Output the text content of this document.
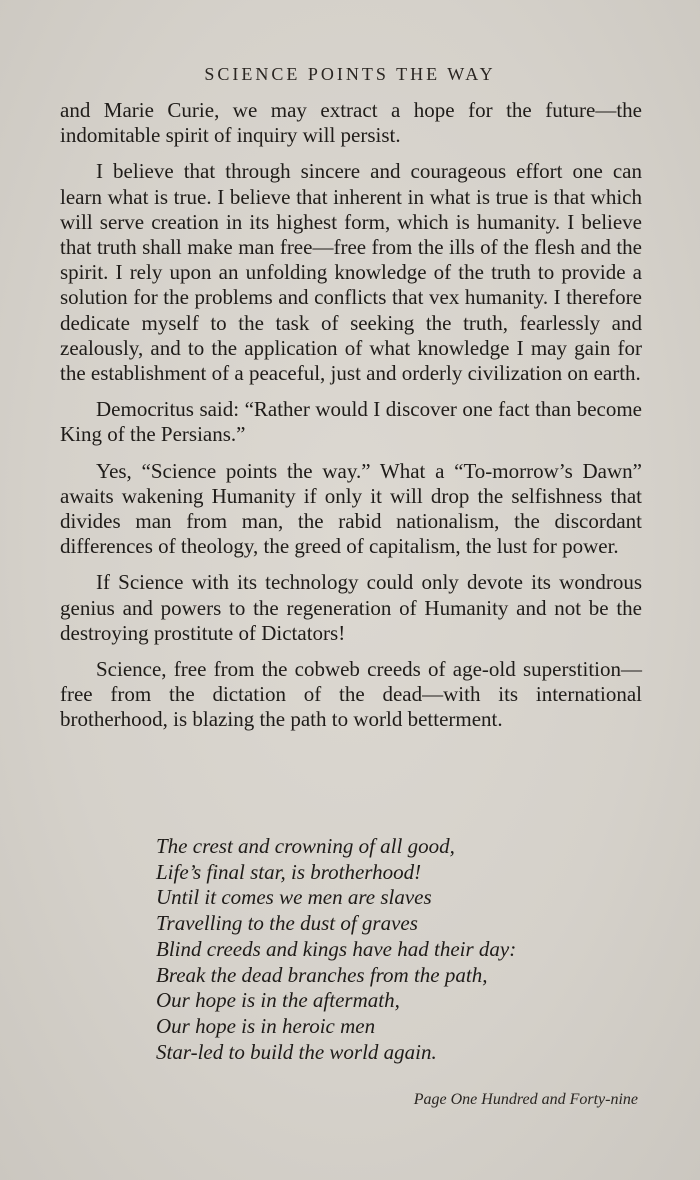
SCIENCE POINTS THE WAY

and Marie Curie, we may extract a hope for the future—the indomitable spirit of inquiry will persist.

I believe that through sincere and courageous effort one can learn what is true. I believe that inherent in what is true is that which will serve creation in its highest form, which is humanity. I believe that truth shall make man free—free from the ills of the flesh and the spirit. I rely upon an unfolding knowledge of the truth to provide a solution for the problems and conflicts that vex humanity. I therefore dedicate myself to the task of seeking the truth, fearlessly and zealously, and to the application of what knowledge I may gain for the establishment of a peaceful, just and orderly civilization on earth.

Democritus said: “Rather would I discover one fact than become King of the Persians.”

Yes, “Science points the way.” What a “To-morrow’s Dawn” awaits wakening Humanity if only it will drop the selfishness that divides man from man, the rabid nationalism, the discordant differences of theology, the greed of capitalism, the lust for power.

If Science with its technology could only devote its wondrous genius and powers to the regeneration of Humanity and not be the destroying prostitute of Dictators!

Science, free from the cobweb creeds of age-old superstition—free from the dictation of the dead—with its international brotherhood, is blazing the path to world betterment.

The crest and crowning of all good,
Life’s final star, is brotherhood!
Until it comes we men are slaves
Travelling to the dust of graves
Blind creeds and kings have had their day:
Break the dead branches from the path,
Our hope is in the aftermath,
Our hope is in heroic men
Star-led to build the world again.
Page One Hundred and Forty-nine
